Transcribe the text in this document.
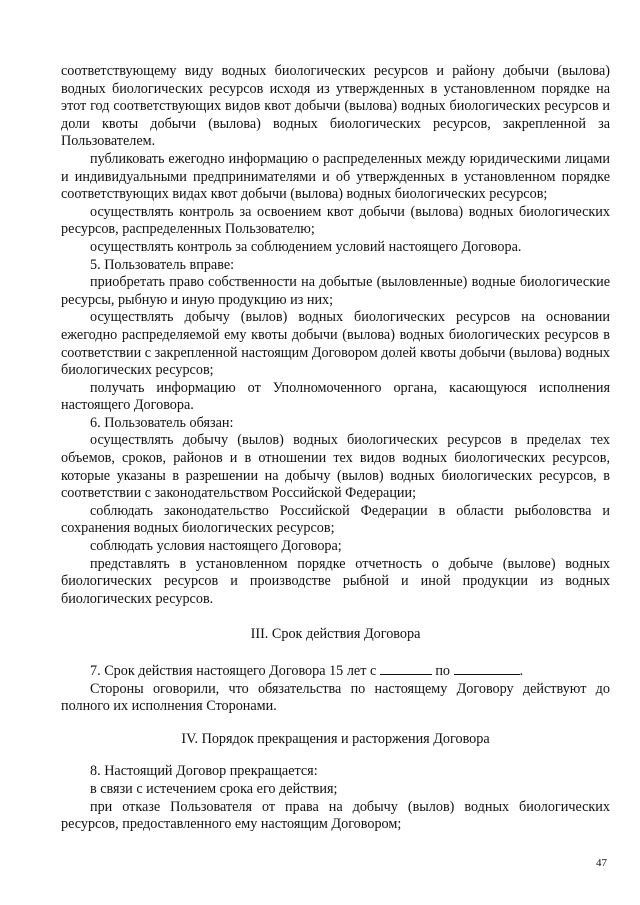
соответствующему виду водных биологических ресурсов и району добычи (вылова) водных биологических ресурсов исходя из утвержденных в установленном порядке на этот год соответствующих видов квот добычи (вылова) водных биологических ресурсов и доли квоты добычи (вылова) водных биологических ресурсов, закрепленной за Пользователем.

публиковать ежегодно информацию о распределенных между юридическими лицами и индивидуальными предпринимателями и об утвержденных в установленном порядке соответствующих видах квот добычи (вылова) водных биологических ресурсов;

осуществлять контроль за освоением квот добычи (вылова) водных биологических ресурсов, распределенных Пользователю;

осуществлять контроль за соблюдением условий настоящего Договора.

5. Пользователь вправе:

приобретать право собственности на добытые (выловленные) водные биологические ресурсы, рыбную и иную продукцию из них;

осуществлять добычу (вылов) водных биологических ресурсов на основании ежегодно распределяемой ему квоты добычи (вылова) водных биологических ресурсов в соответствии с закрепленной настоящим Договором долей квоты добычи (вылова) водных биологических ресурсов;

получать информацию от Уполномоченного органа, касающуюся исполнения настоящего Договора.

6. Пользователь обязан:

осуществлять добычу (вылов) водных биологических ресурсов в пределах тех объемов, сроков, районов и в отношении тех видов водных биологических ресурсов, которые указаны в разрешении на добычу (вылов) водных биологических ресурсов, в соответствии с законодательством Российской Федерации;

соблюдать законодательство Российской Федерации в области рыболовства и сохранения водных биологических ресурсов;

соблюдать условия настоящего Договора;

представлять в установленном порядке отчетность о добыче (вылове) водных биологических ресурсов и производстве рыбной и иной продукции из водных биологических ресурсов.

III. Срок действия Договора

7. Срок действия настоящего Договора 15 лет с	по	.

Стороны оговорили, что обязательства по настоящему Договору действуют до полного их исполнения Сторонами.

IV. Порядок прекращения и расторжения Договора

8. Настоящий Договор прекращается:

в связи с истечением срока его действия;

при отказе Пользователя от права на добычу (вылов) водных биологических ресурсов, предоставленного ему настоящим Договором;

47
